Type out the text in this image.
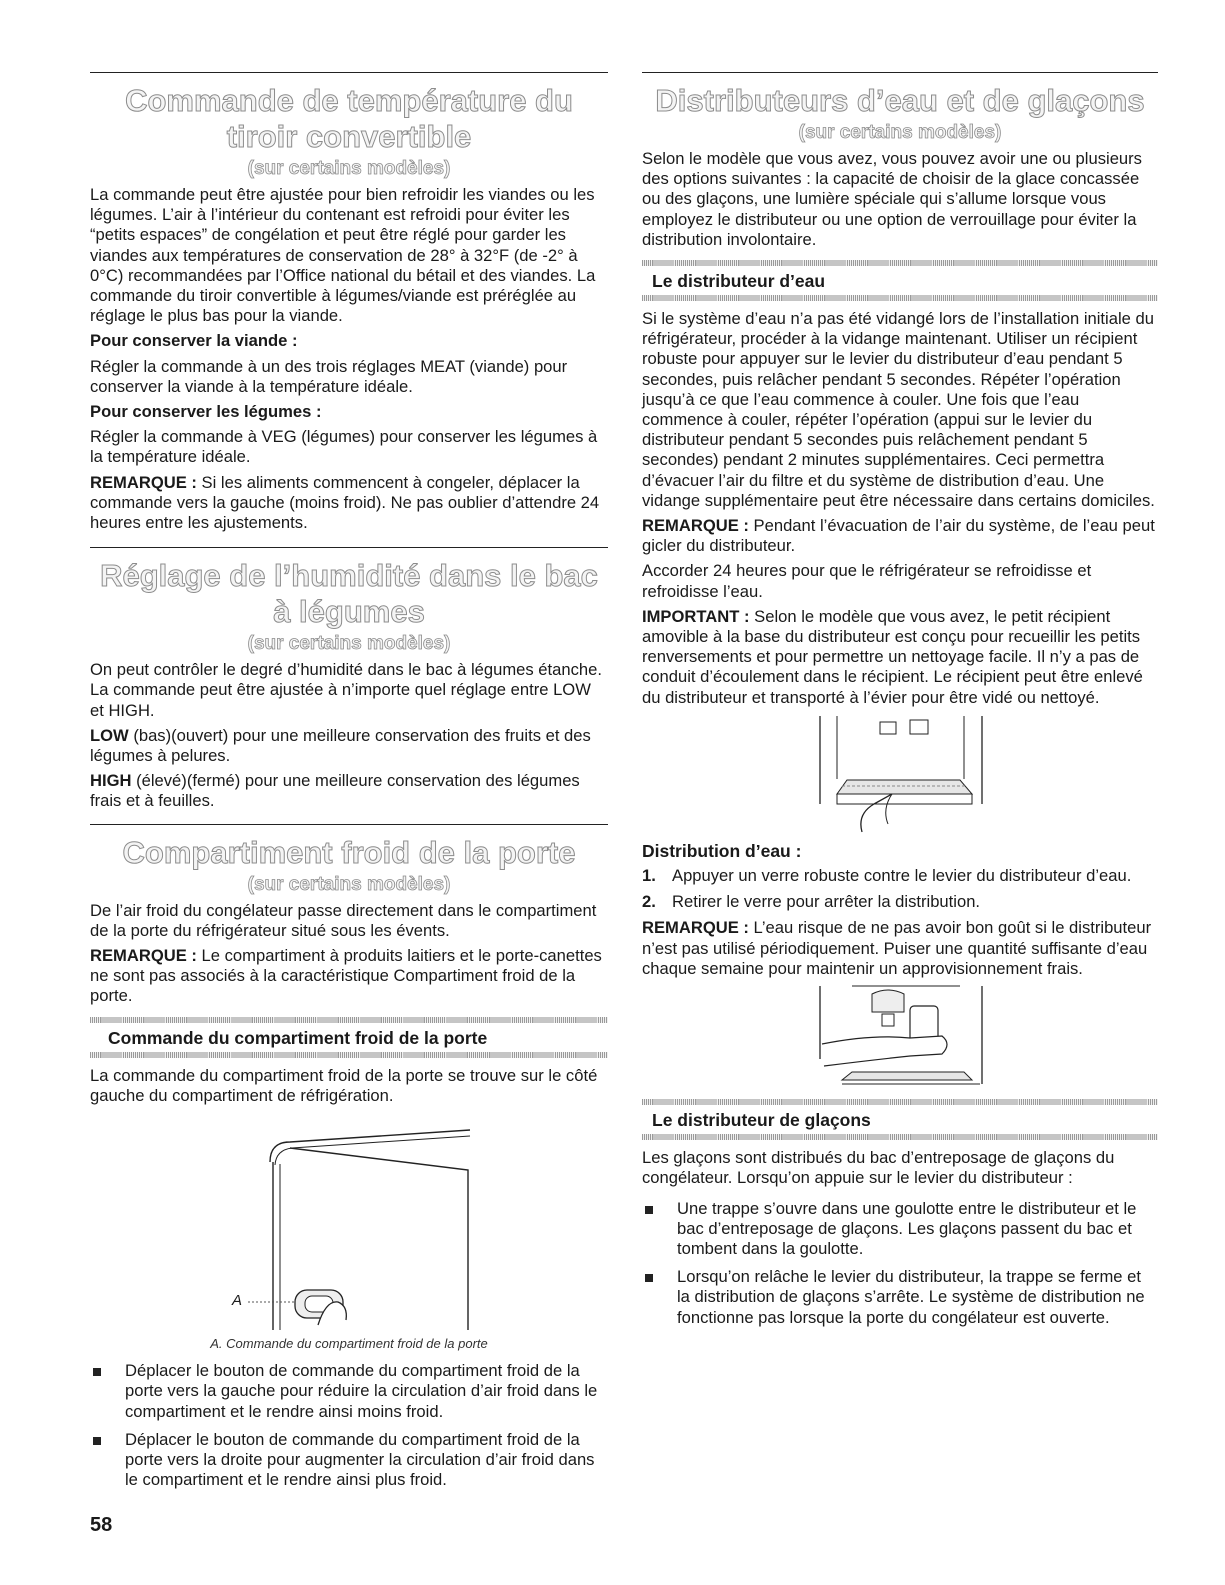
Commande de température du tiroir convertible
(sur certains modèles)

La commande peut être ajustée pour bien refroidir les viandes ou les légumes. L’air à l’intérieur du contenant est refroidi pour éviter les “petits espaces” de congélation et peut être réglé pour garder les viandes aux températures de conservation de 28° à 32°F (de -2° à 0°C) recommandées par l’Office national du bétail et des viandes. La commande du tiroir convertible à légumes/viande est préréglée au réglage le plus bas pour la viande.

Pour conserver la viande :

Régler la commande à un des trois réglages MEAT (viande) pour conserver la viande à la température idéale.

Pour conserver les légumes :

Régler la commande à VEG (légumes) pour conserver les légumes à la température idéale.

REMARQUE : Si les aliments commencent à congeler, déplacer la commande vers la gauche (moins froid). Ne pas oublier d’attendre 24 heures entre les ajustements.

Réglage de l’humidité dans le bac à légumes
(sur certains modèles)

On peut contrôler le degré d’humidité dans le bac à légumes étanche. La commande peut être ajustée à n’importe quel réglage entre LOW et HIGH.

LOW (bas)(ouvert) pour une meilleure conservation des fruits et des légumes à pelures.

HIGH (élevé)(fermé) pour une meilleure conservation des légumes frais et à feuilles.

Compartiment froid de la porte
(sur certains modèles)

De l’air froid du congélateur passe directement dans le compartiment de la porte du réfrigérateur situé sous les évents.

REMARQUE : Le compartiment à produits laitiers et le porte-canettes ne sont pas associés à la caractéristique Compartiment froid de la porte.

Commande du compartiment froid de la porte

La commande du compartiment froid de la porte se trouve sur le côté gauche du compartiment de réfrigération.

A
A. Commande du compartiment froid de la porte
Déplacer le bouton de commande du compartiment froid de la porte vers la gauche pour réduire la circulation d’air froid dans le compartiment et le rendre ainsi moins froid.
Déplacer le bouton de commande du compartiment froid de la porte vers la droite pour augmenter la circulation d’air froid dans le compartiment et le rendre ainsi plus froid.
Distributeurs d’eau et de glaçons
(sur certains modèles)

Selon le modèle que vous avez, vous pouvez avoir une ou plusieurs des options suivantes : la capacité de choisir de la glace concassée ou des glaçons, une lumière spéciale qui s’allume lorsque vous employez le distributeur ou une option de verrouillage pour éviter la distribution involontaire.

Le distributeur d’eau

Si le système d’eau n’a pas été vidangé lors de l’installation initiale du réfrigérateur, procéder à la vidange maintenant. Utiliser un récipient robuste pour appuyer sur le levier du distributeur d’eau pendant 5 secondes, puis relâcher pendant 5 secondes. Répéter l’opération jusqu’à ce que l’eau commence à couler. Une fois que l’eau commence à couler, répéter l’opération (appui sur le levier du distributeur pendant 5 secondes puis relâchement pendant 5 secondes) pendant 2 minutes supplémentaires. Ceci permettra d’évacuer l’air du filtre et du système de distribution d’eau. Une vidange supplémentaire peut être nécessaire dans certains domiciles.

REMARQUE : Pendant l’évacuation de l’air du système, de l’eau peut gicler du distributeur.

Accorder 24 heures pour que le réfrigérateur se refroidisse et refroidisse l’eau.

IMPORTANT : Selon le modèle que vous avez, le petit récipient amovible à la base du distributeur est conçu pour recueillir les petits renversements et pour permettre un nettoyage facile. Il n’y a pas de conduit d’écoulement dans le récipient. Le récipient peut être enlevé du distributeur et transporté à l’évier pour être vidé ou nettoyé.

Distribution d’eau :
1. Appuyer un verre robuste contre le levier du distributeur d’eau.
2. Retirer le verre pour arrêter la distribution.

REMARQUE : L’eau risque de ne pas avoir bon goût si le distributeur n’est pas utilisé périodiquement. Puiser une quantité suffisante d’eau chaque semaine pour maintenir un approvisionnement frais.

Le distributeur de glaçons

Les glaçons sont distribués du bac d’entreposage de glaçons du congélateur. Lorsqu’on appuie sur le levier du distributeur :

Une trappe s’ouvre dans une goulotte entre le distributeur et le bac d’entreposage de glaçons. Les glaçons passent du bac et tombent dans la goulotte.
Lorsqu’on relâche le levier du distributeur, la trappe se ferme et la distribution de glaçons s’arrête. Le système de distribution ne fonctionne pas lorsque la porte du congélateur est ouverte.
58
